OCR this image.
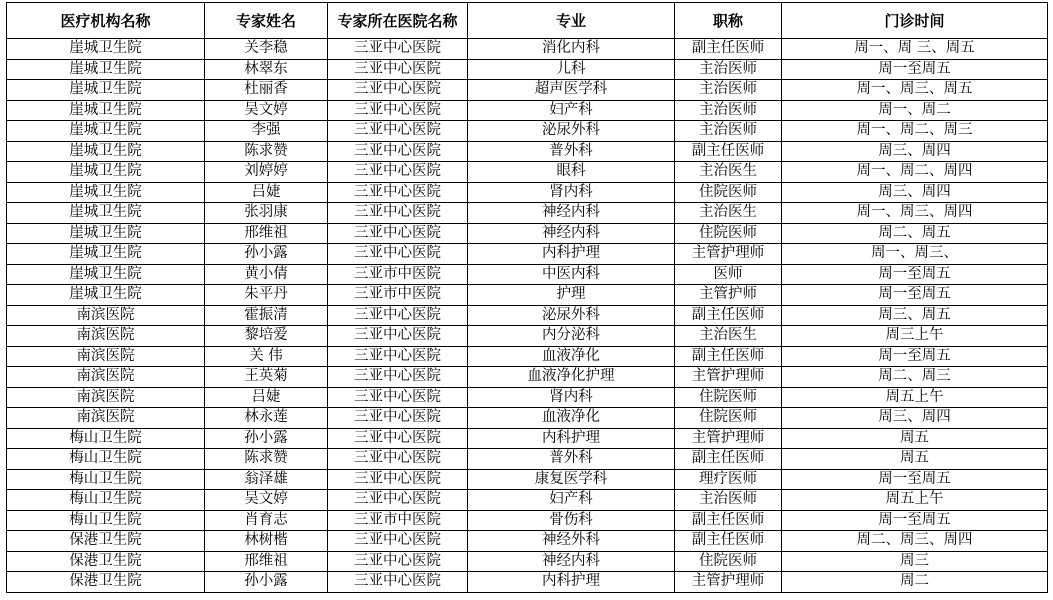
医疗机构名称	专家姓名	专家所在医院名称	专业	职称	门诊时间
崖城卫生院	关李稳	三亚中心医院	消化内科	副主任医师	周一、周 三、周五
崖城卫生院	林翠东	三亚中心医院	儿科	主治医师	周一至周五
崖城卫生院	杜丽香	三亚中心医院	超声医学科	主治医师	周一、周三、周五
崖城卫生院	吴文婷	三亚中心医院	妇产科	主治医师	周一、周二
崖城卫生院	李强	三亚中心医院	泌尿外科	主治医师	周一、周二、周三
崖城卫生院	陈求赞	三亚中心医院	普外科	副主任医师	周三、周四
崖城卫生院	刘婷婷	三亚中心医院	眼科	主治医生	周一、周二、周四
崖城卫生院	吕婕	三亚中心医院	肾内科	住院医师	周三、周四
崖城卫生院	张羽康	三亚中心医院	神经内科	主治医生	周一、周三、周四
崖城卫生院	邢维祖	三亚中心医院	神经内科	住院医师	周二、周五
崖城卫生院	孙小露	三亚中心医院	内科护理	主管护理师	周一、周三、
崖城卫生院	黄小倩	三亚市中医院	中医内科	医师	周一至周五
崖城卫生院	朱平丹	三亚市中医院	护理	主管护师	周一至周五
南滨医院	霍振清	三亚中心医院	泌尿外科	副主任医师	周三、周五
南滨医院	黎培爱	三亚中心医院	内分泌科	主治医生	周三上午
南滨医院	关 伟	三亚中心医院	血液净化	副主任医师	周一至周五
南滨医院	王英菊	三亚中心医院	血液净化护理	主管护理师	周二、周三
南滨医院	吕婕	三亚中心医院	肾内科	住院医师	周五上午
南滨医院	林永莲	三亚中心医院	血液净化	住院医师	周三、周四
梅山卫生院	孙小露	三亚中心医院	内科护理	主管护理师	周五
梅山卫生院	陈求赞	三亚中心医院	普外科	副主任医师	周五
梅山卫生院	翁泽雄	三亚中心医院	康复医学科	理疗医师	周一至周五
梅山卫生院	吴文婷	三亚中心医院	妇产科	主治医师	周五上午
梅山卫生院	肖育志	三亚市中医院	骨伤科	副主任医师	周一至周五
保港卫生院	林树楷	三亚中心医院	神经外科	副主任医师	周二、周三、周四
保港卫生院	邢维祖	三亚中心医院	神经内科	住院医师	周三
保港卫生院	孙小露	三亚中心医院	内科护理	主管护理师	周二
